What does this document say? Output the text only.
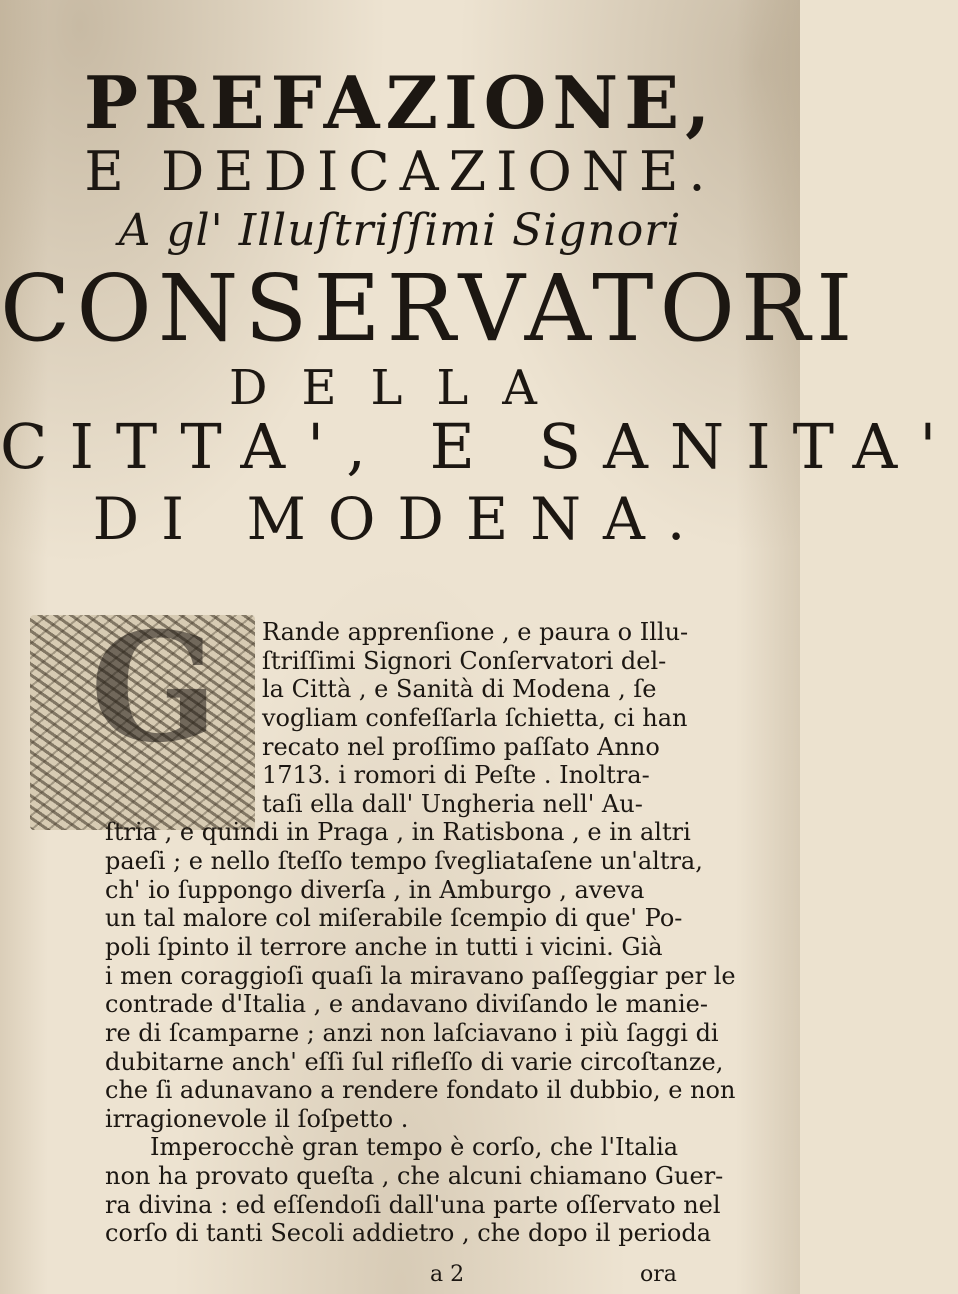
PREFAZIONE,
E DEDICAZIONE.
A gl' Illuſtriſſimi Signori
CONSERVATORI
DELLA
CITTA', E SANITA'
DI MODENA.
G Rande apprenſione , e paura o Illu-
ſtriſſimi Signori Conſervatori del-
la Città , e Sanità di Modena , ſe
vogliam confeſſarla ſchietta, ci han
recato nel proſſimo paſſato Anno
1713. i romori di Peſte . Inoltra-
taſi ella dall' Ungheria nell' Au-
ſtria , e quindi in Praga , in Ratisbona , e in altri
paeſi ; e nello ſteſſo tempo ſvegliataſene un'altra,
ch' io ſuppongo diverſa , in Amburgo , aveva
un tal malore col miſerabile ſcempio di que' Po-
poli ſpinto il terrore anche in tutti i vicini. Già
i men coraggioſi quaſi la miravano paſſeggiar per le
contrade d'Italia , e andavano diviſando le manie-
re di ſcamparne ; anzi non laſciavano i più ſaggi di
dubitarne anch' eſſi ſul rifleſſo di varie circoſtanze,
che ſi adunavano a rendere fondato il dubbio, e non
irragionevole il ſoſpetto .
Imperocchè gran tempo è corſo, che l'Italia
non ha provato queſta , che alcuni chiamano Guer-
ra divina : ed eſſendoſi dall'una parte oſſervato nel
corſo di tanti Secoli addietro , che dopo il perioda
a 2	ora
